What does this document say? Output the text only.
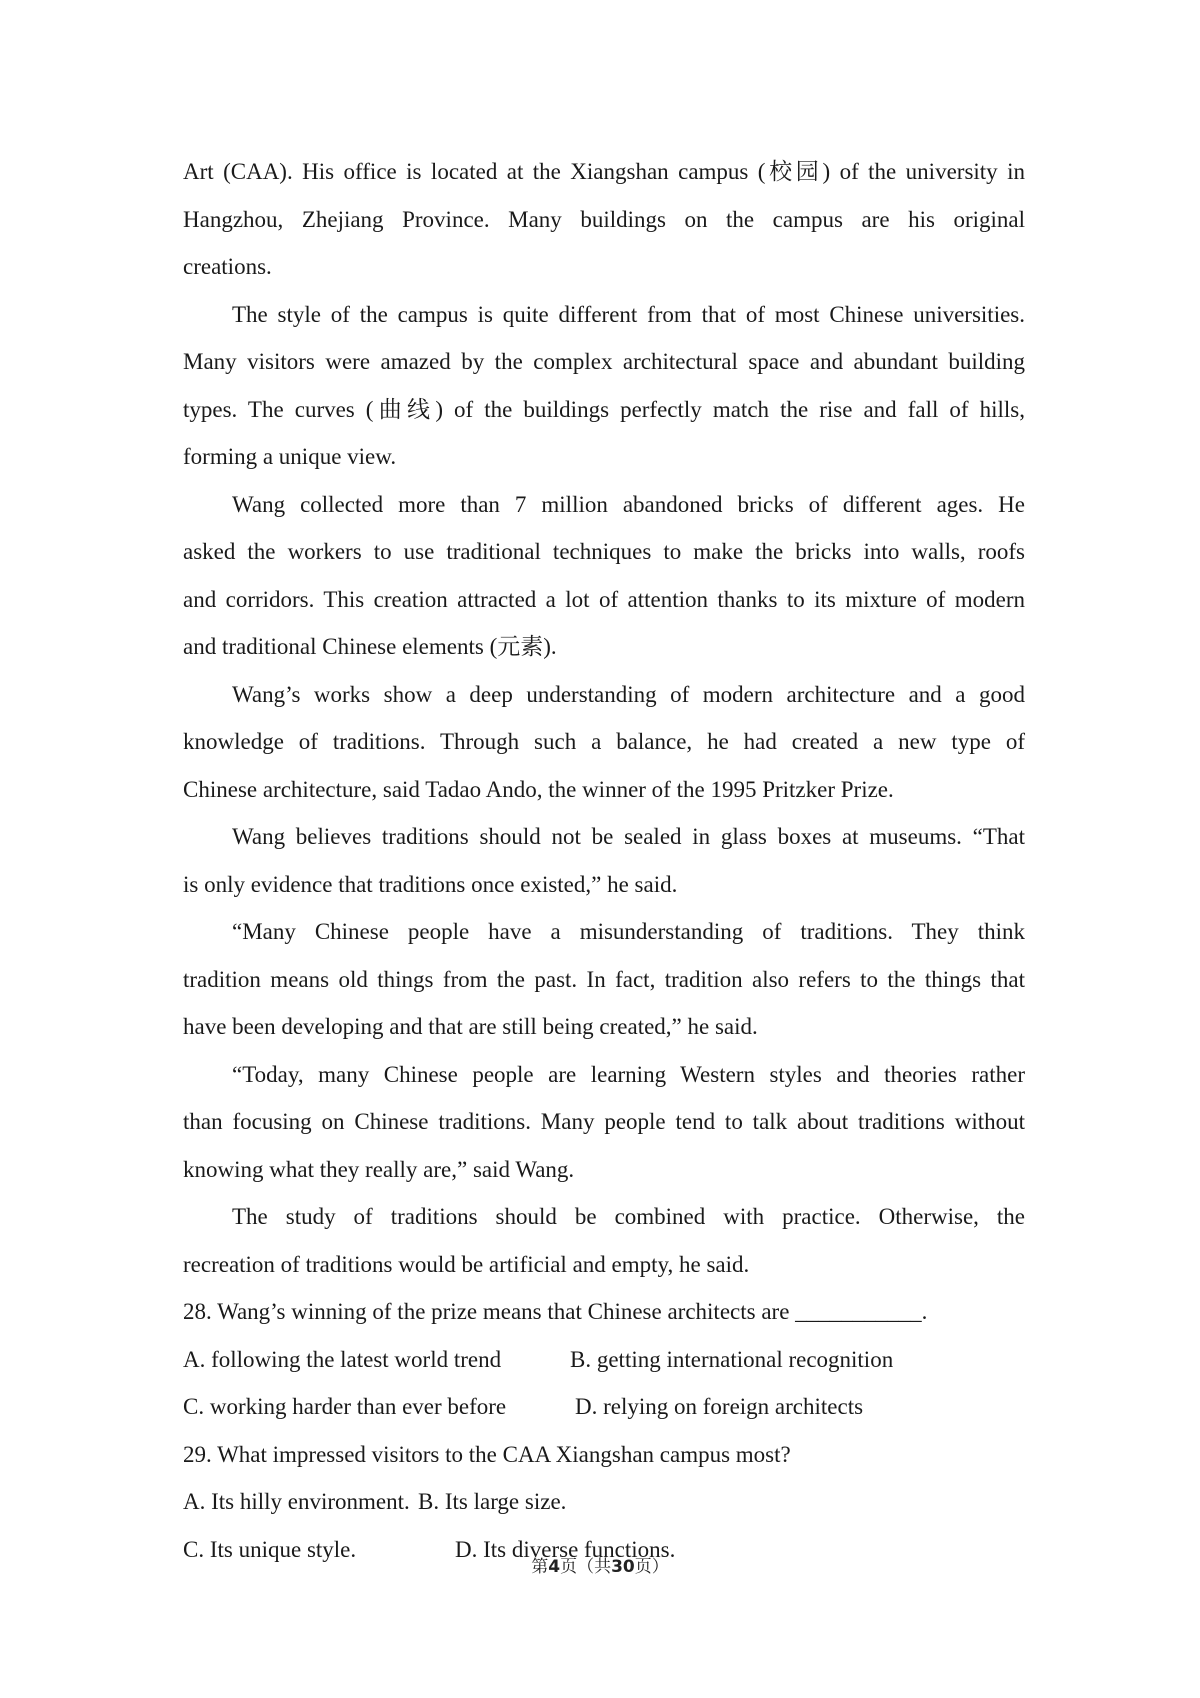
Art (CAA). His office is located at the Xiangshan campus (校园) of the university in
Hangzhou, Zhejiang Province. Many buildings on the campus are his original
creations.
The style of the campus is quite different from that of most Chinese universities.
Many visitors were amazed by the complex architectural space and abundant building
types. The curves (曲线) of the buildings perfectly match the rise and fall of hills,
forming a unique view.
Wang collected more than 7 million abandoned bricks of different ages. He
asked the workers to use traditional techniques to make the bricks into walls, roofs
and corridors. This creation attracted a lot of attention thanks to its mixture of modern
and traditional Chinese elements (元素).
Wang’s works show a deep understanding of modern architecture and a good
knowledge of traditions. Through such a balance, he had created a new type of
Chinese architecture, said Tadao Ando, the winner of the 1995 Pritzker Prize.
Wang believes traditions should not be sealed in glass boxes at museums. “That
is only evidence that traditions once existed,” he said.
“Many Chinese people have a misunderstanding of traditions. They think
tradition means old things from the past. In fact, tradition also refers to the things that
have been developing and that are still being created,” he said.
“Today, many Chinese people are learning Western styles and theories rather
than focusing on Chinese traditions. Many people tend to talk about traditions without
knowing what they really are,” said Wang.
The study of traditions should be combined with practice. Otherwise, the
recreation of traditions would be artificial and empty, he said.
28. Wang’s winning of the prize means that Chinese architects are ___________.
A. following the latest world trend	B. getting international recognition
C. working harder than ever before	D. relying on foreign architects
29. What impressed visitors to the CAA Xiangshan campus most?
A. Its hilly environment. B. Its large size.
C. Its unique style.	D. Its diverse functions.
第4页（共30页）
